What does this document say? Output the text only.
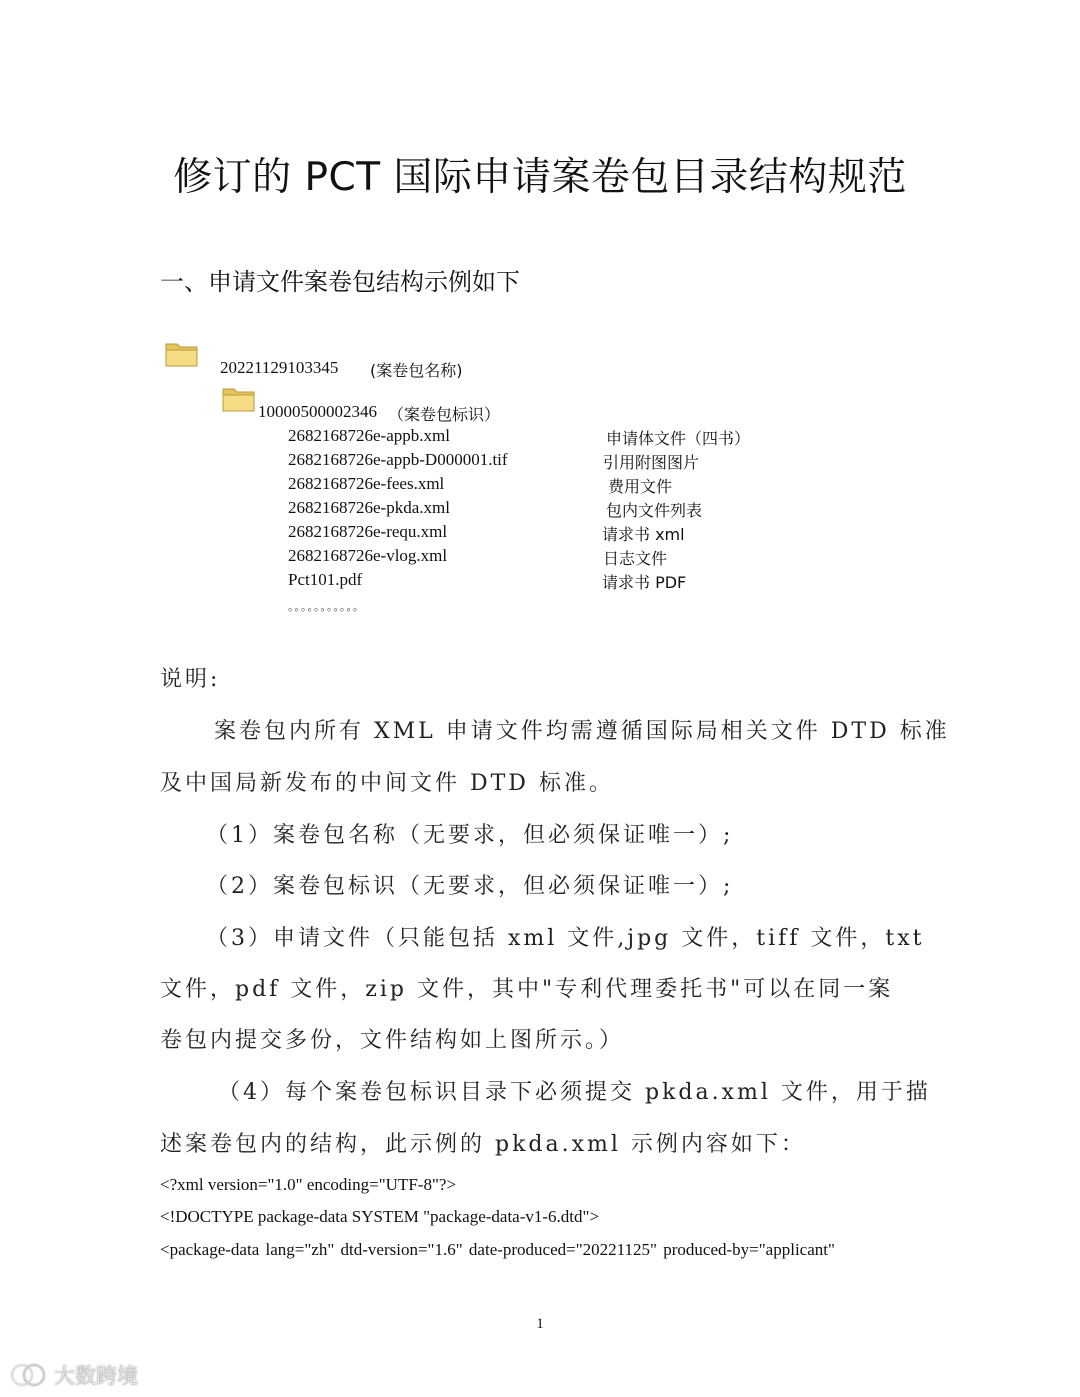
修订的 PCT 国际申请案卷包目录结构规范
一、申请文件案卷包结构示例如下
20221129103345 (案卷包名称)
10000500002346 （案卷包标识）
2682168726e-appb.xml	申请体文件（四书）
2682168726e-appb-D000001.tif	引用附图图片
2682168726e-fees.xml	费用文件
2682168726e-pkda.xml	包内文件列表
2682168726e-requ.xml	请求书 xml
2682168726e-vlog.xml	日志文件
Pct101.pdf	请求书 PDF
。。。。。。。。。。。
说明:
案卷包内所有 XML 申请文件均需遵循国际局相关文件 DTD 标准
及中国局新发布的中间文件 DTD 标准。
（1）案卷包名称（无要求，但必须保证唯一）;
（2）案卷包标识（无要求，但必须保证唯一）;
（3）申请文件（只能包括 xml 文件,jpg 文件，tiff 文件，txt
文件，pdf 文件，zip 文件，其中"专利代理委托书"可以在同一案
卷包内提交多份，文件结构如上图所示。）
（4）每个案卷包标识目录下必须提交 pkda.xml 文件，用于描
述案卷包内的结构，此示例的 pkda.xml 示例内容如下：
<?xml version="1.0" encoding="UTF-8"?>
<!DOCTYPE package-data SYSTEM "package-data-v1-6.dtd">
<package-data lang="zh" dtd-version="1.6" date-produced="20221125" produced-by="applicant"
1
大数跨境
